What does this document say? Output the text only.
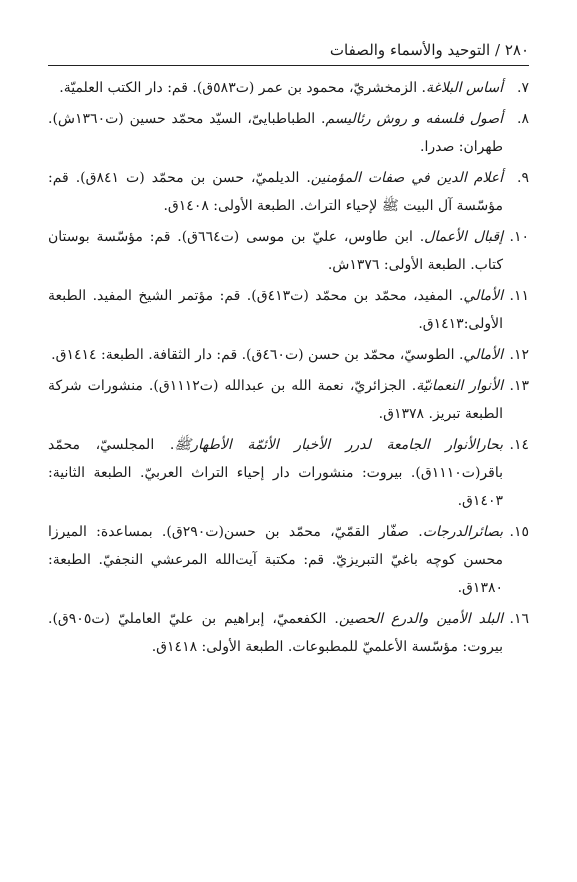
٢٨٠ / التوحيد والأسماء والصفات
٧.
أساس البلاغة. الزمخشريّ، محمود بن عمر (ت٥٨٣ق). قم: دار الكتب العلميّة.
٨.
أصول فلسفه و روش رئاليسم. الطباطبايىّ، السيّد محمّد حسين (ت١٣٦٠ش). طهران: صدرا.
٩.
أعلام الدين في صفات المؤمنين. الديلميّ، حسن بن محمّد (ت ٨٤١ق). قم: مؤسّسة آل البيت ﷺ لإحياء التراث. الطبعة الأولى: ١٤٠٨ق.
١٠.
إقبال الأعمال. ابن طاوس، عليّ بن موسى (ت٦٦٤ق). قم: مؤسّسة بوستان كتاب. الطبعة الأولى: ١٣٧٦ش.
١١.
الأمالي. المفيد، محمّد بن محمّد (ت٤١٣ق). قم: مؤتمر الشيخ المفيد. الطبعة الأولى:١٤١٣ق.
١٢.
الأمالي. الطوسيّ، محمّد بن حسن (ت٤٦٠ق). قم: دار الثقافة. الطبعة: ١٤١٤ق.
١٣.
الأنوار النعمانيّة. الجزائريّ، نعمة الله بن عبدالله (ت١١١٢ق). منشورات شركة الطبعة تبريز. ١٣٧٨ق.
١٤.
بحارالأنوار الجامعة لدرر الأخبار الأئمّة الأطهارﷺ. المجلسيّ، محمّد باقر(ت١١١٠ق). بيروت: منشورات دار إحياء التراث العربيّ. الطبعة الثانية: ١٤٠٣ق.
١٥.
بصائرالدرجات. صفّار القمّيّ، محمّد بن حسن(ت٢٩٠ق). بمساعدة: الميرزا محسن كوچه باغيّ التبريزيّ. قم: مكتبة آيت‌الله المرعشي النجفيّ. الطبعة: ١٣٨٠ق.
١٦.
البلد الأمين والدرع الحصين. الكفعميّ، إبراهيم بن عليّ العامليّ (ت٩٠٥ق). بيروت: مؤسّسة الأعلميّ للمطبوعات. الطبعة الأولى: ١٤١٨ق.
